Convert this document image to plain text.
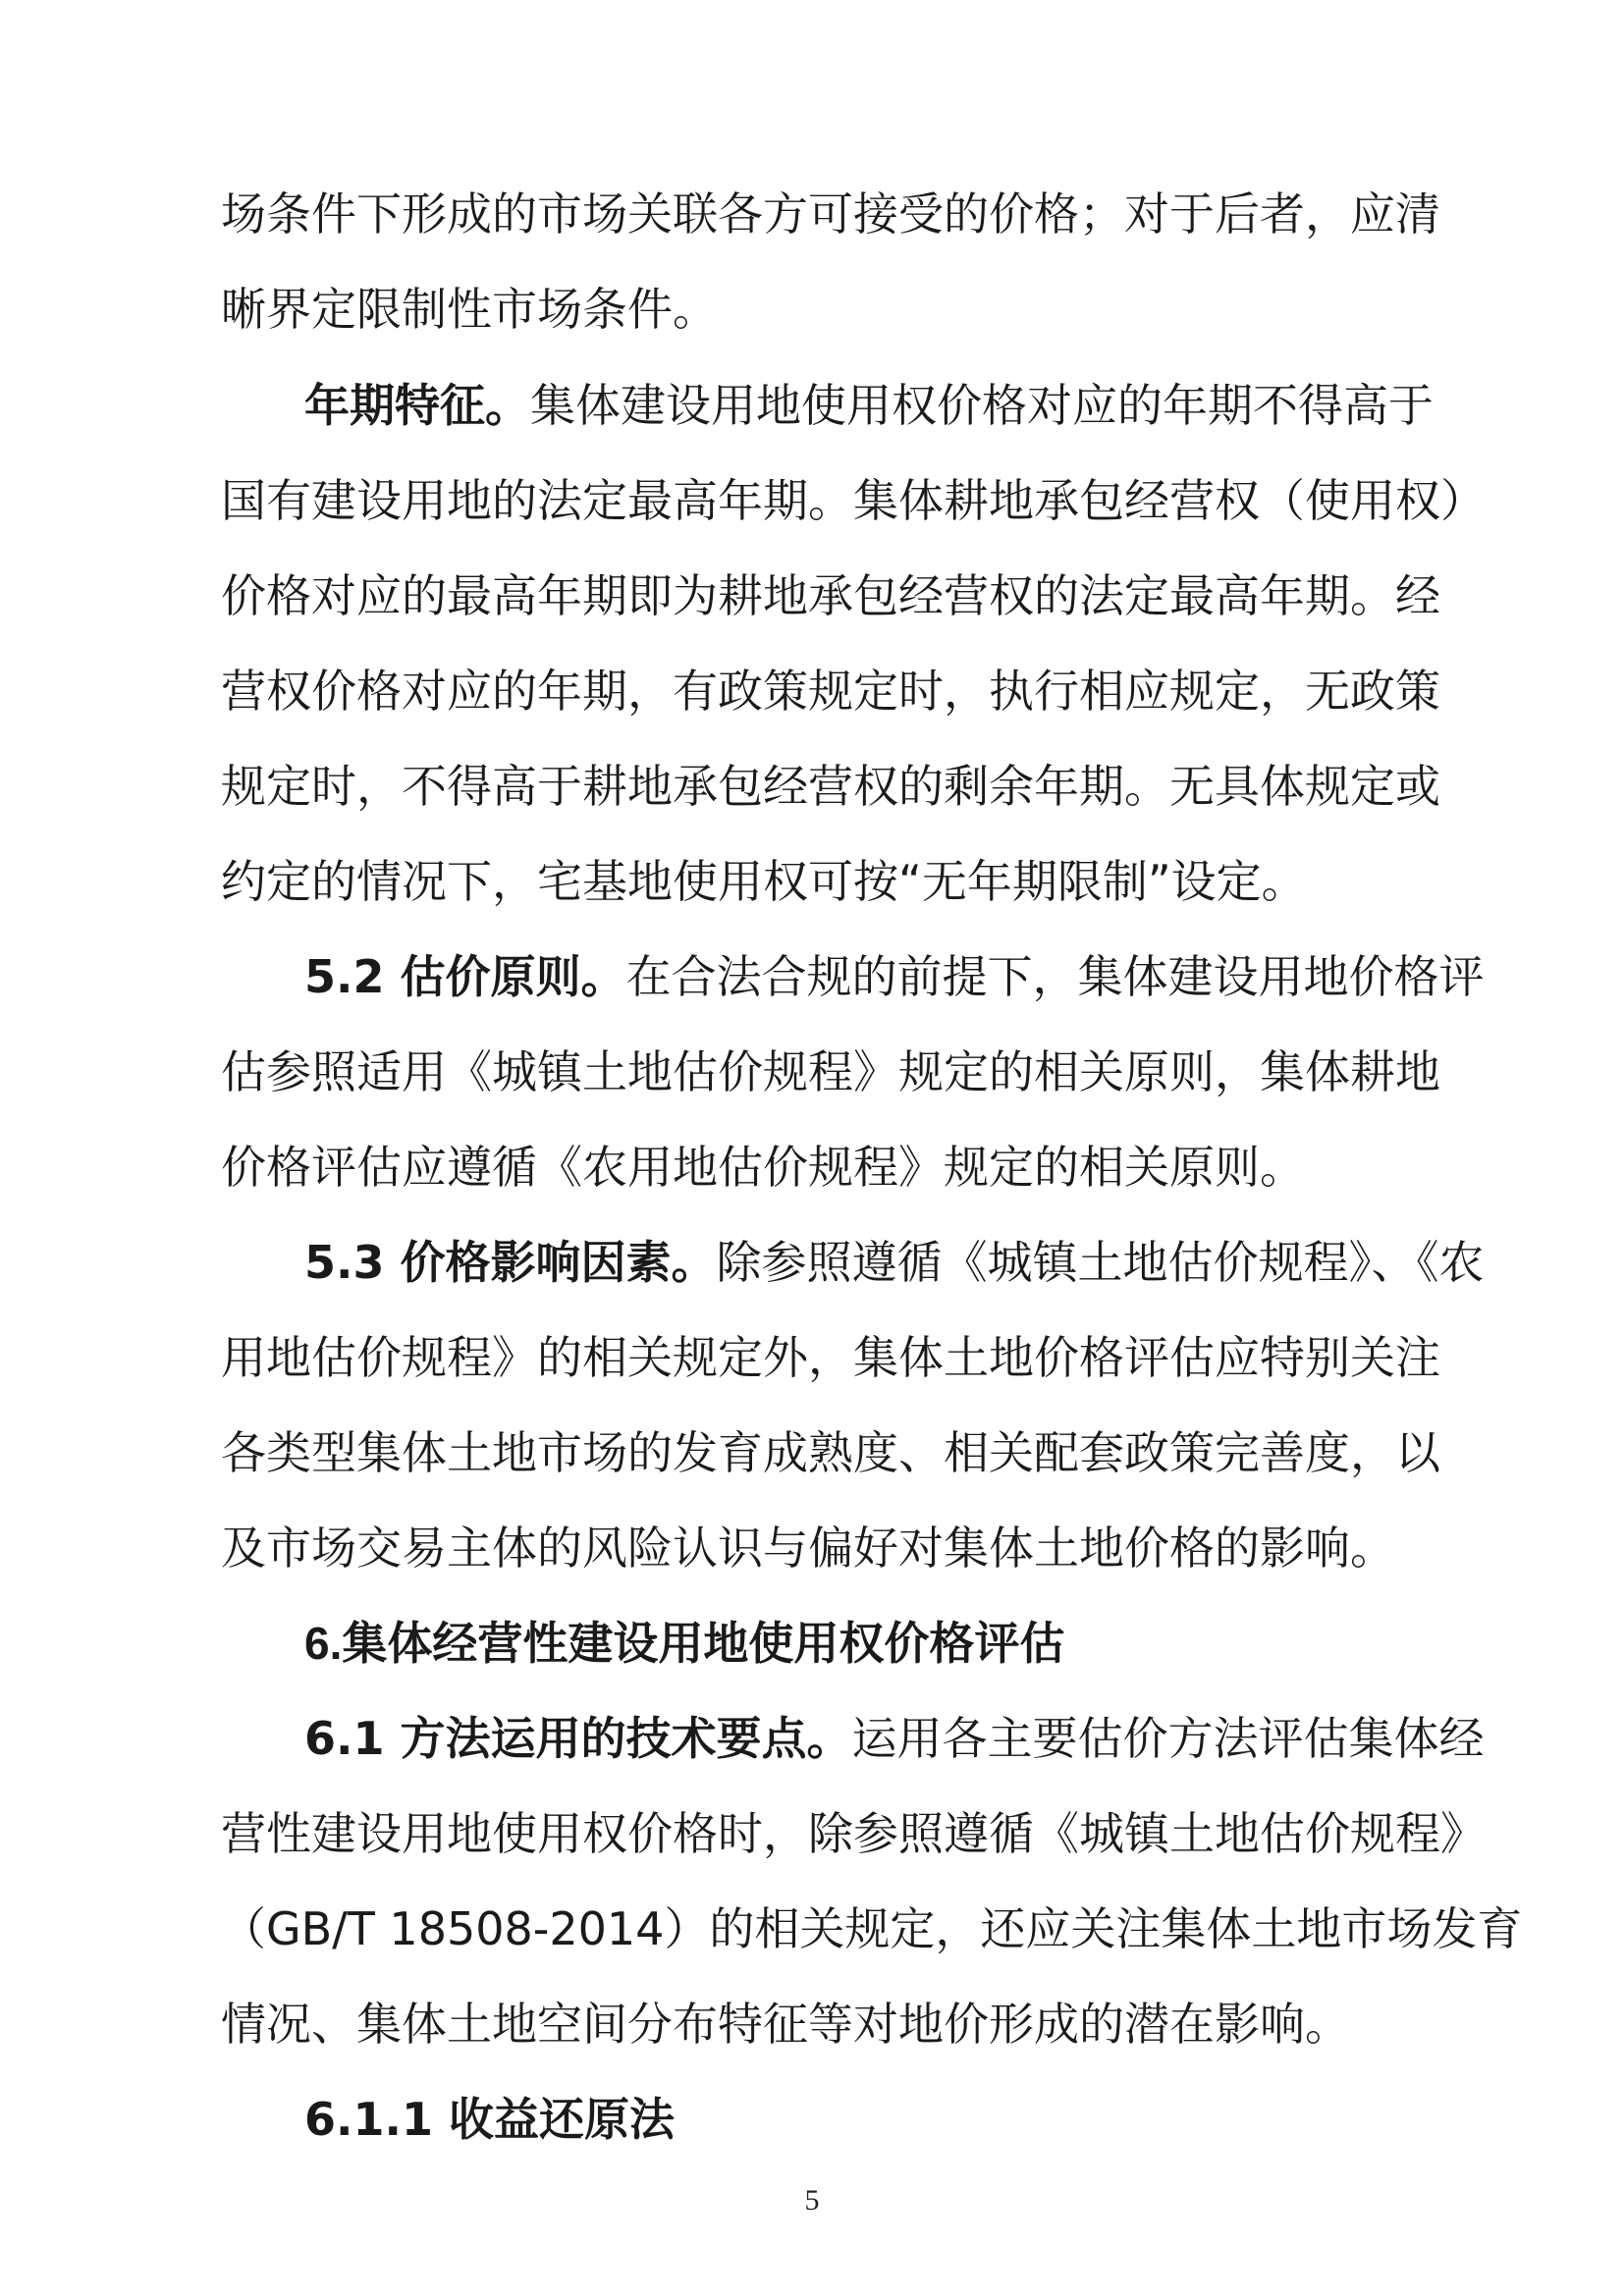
场条件下形成的市场关联各方可接受的价格；对于后者，应清
晰界定限制性市场条件。
年期特征。集体建设用地使用权价格对应的年期不得高于
国有建设用地的法定最高年期。集体耕地承包经营权（使用权）
价格对应的最高年期即为耕地承包经营权的法定最高年期。经
营权价格对应的年期，有政策规定时，执行相应规定，无政策
规定时，不得高于耕地承包经营权的剩余年期。无具体规定或
约定的情况下，宅基地使用权可按“无年期限制”设定。
5.2 估价原则。在合法合规的前提下，集体建设用地价格评
估参照适用《城镇土地估价规程》规定的相关原则，集体耕地
价格评估应遵循《农用地估价规程》规定的相关原则。
5.3 价格影响因素。除参照遵循《城镇土地估价规程》、《农
用地估价规程》的相关规定外，集体土地价格评估应特别关注
各类型集体土地市场的发育成熟度、相关配套政策完善度，以
及市场交易主体的风险认识与偏好对集体土地价格的影响。
6.集体经营性建设用地使用权价格评估
6.1 方法运用的技术要点。运用各主要估价方法评估集体经
营性建设用地使用权价格时，除参照遵循《城镇土地估价规程》
（GB/T 18508-2014）的相关规定，还应关注集体土地市场发育
情况、集体土地空间分布特征等对地价形成的潜在影响。
6.1.1 收益还原法
5
